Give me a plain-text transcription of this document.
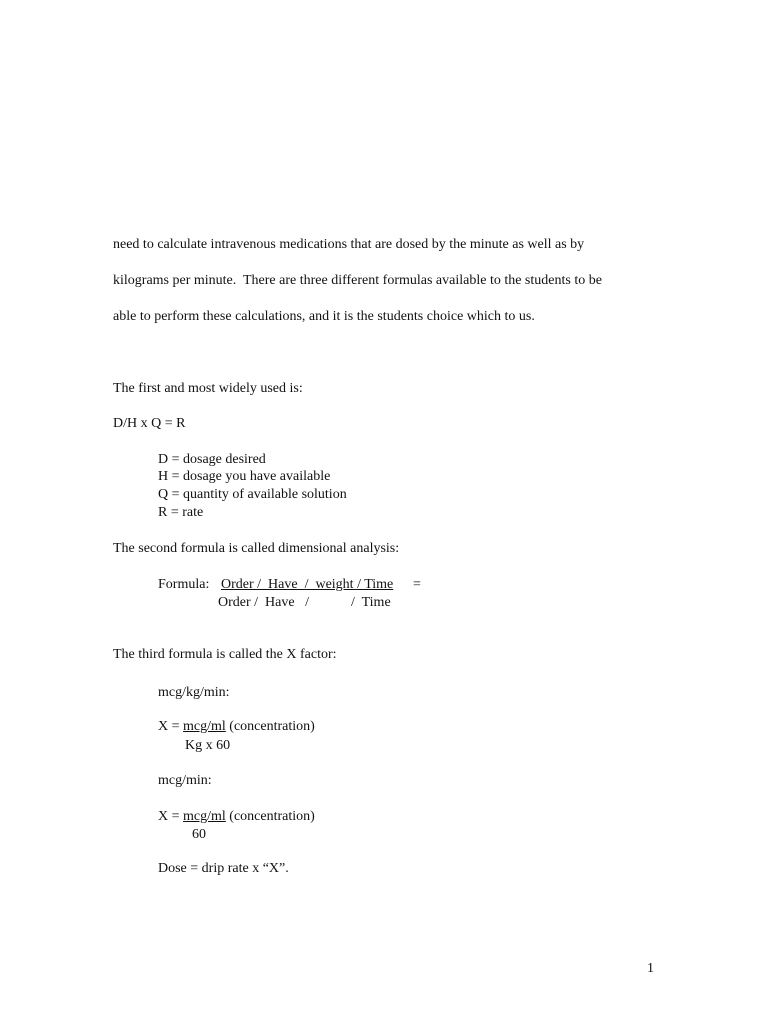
need to calculate intravenous medications that are dosed by the minute as well as by
kilograms per minute.  There are three different formulas available to the students to be
able to perform these calculations, and it is the students choice which to us.
The first and most widely used is:
D/H x Q = R
D = dosage desired
H = dosage you have available
Q = quantity of available solution
R = rate
The second formula is called dimensional analysis:
Formula: Order /  Have  /  weight / Time =
Order /  Have   /            /  Time
The third formula is called the X factor:
mcg/kg/min:
X = mcg/ml (concentration)
Kg x 60
mcg/min:
X = mcg/ml (concentration)
60
Dose = drip rate x “X”.
1
